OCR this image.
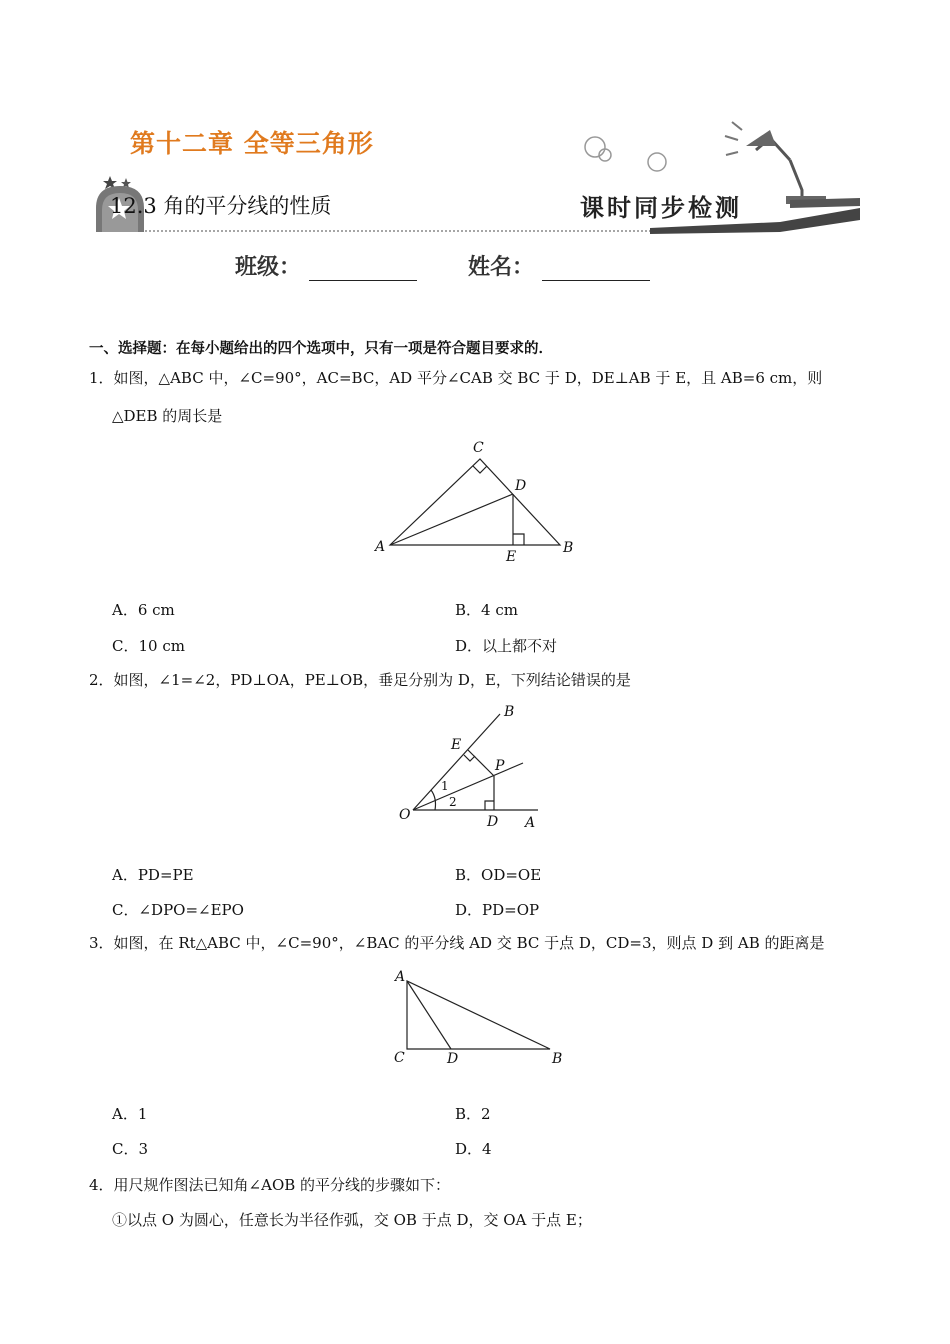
第十二章 全等三角形
12.3 角的平分线的性质	课时同步检测
班级：	姓名：
一、选择题：在每小题给出的四个选项中，只有一项是符合题目要求的．
1．如图，△ABC 中，∠C=90°，AC=BC，AD 平分∠CAB 交 BC 于 D，DE⊥AB 于 E，且 AB=6 cm，则
△DEB 的周长是
C
D
A
E
B
A．6 cm	B．4 cm
C．10 cm	D．以上都不对
2．如图，∠1=∠2，PD⊥OA，PE⊥OB，垂足分别为 D，E，下列结论错误的是
B
E
P
1
2
O	D A
A．PD=PE	B．OD=OE
C．∠DPO=∠EPO	D．PD=OP
3．如图，在 Rt△ABC 中，∠C=90°，∠BAC 的平分线 AD 交 BC 于点 D，CD=3，则点 D 到 AB 的距离是
A
C	D	B
A．1	B．2
C．3	D．4
4．用尺规作图法已知角∠AOB 的平分线的步骤如下：
①以点 O 为圆心，任意长为半径作弧，交 OB 于点 D，交 OA 于点 E；
